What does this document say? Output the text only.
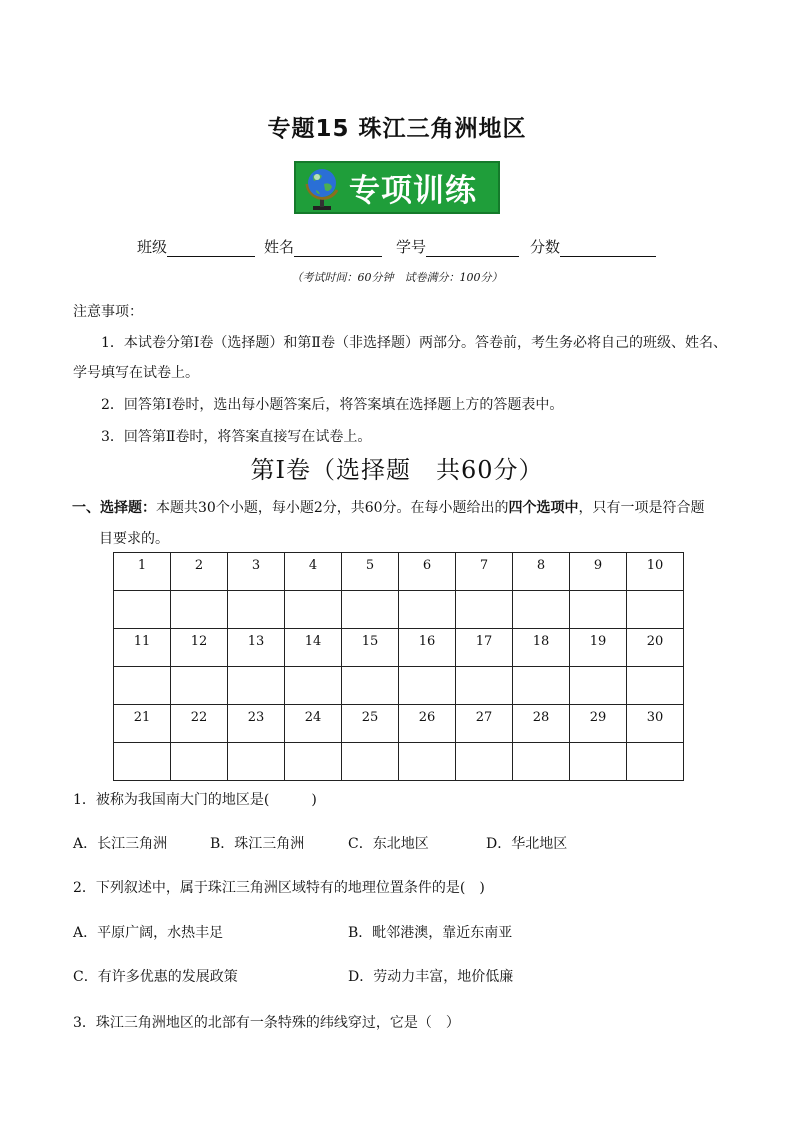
专题15 珠江三角洲地区
专项训练
班级	姓名	学号	分数
（考试时间：60分钟　试卷满分：100分）
注意事项：
1．本试卷分第Ⅰ卷（选择题）和第Ⅱ卷（非选择题）两部分。答卷前，考生务必将自己的班级、姓名、
学号填写在试卷上。
2．回答第Ⅰ卷时，选出每小题答案后，将答案填在选择题上方的答题表中。
3．回答第Ⅱ卷时，将答案直接写在试卷上。
第Ⅰ卷（选择题　共60分）
一、选择题：本题共30个小题，每小题2分，共60分。在每小题给出的四个选项中，只有一项是符合题
目要求的。
1	2	3	4	5	6	7	8	9	10

11	12	13	14	15	16	17	18	19	20

21	22	23	24	25	26	27	28	29	30

1．被称为我国南大门的地区是(　　　)
A．长江三角洲	B．珠江三角洲	C．东北地区	D．华北地区
2．下列叙述中，属于珠江三角洲区域特有的地理位置条件的是(　)
A．平原广阔，水热丰足	B．毗邻港澳，靠近东南亚
C．有许多优惠的发展政策	D．劳动力丰富，地价低廉
3．珠江三角洲地区的北部有一条特殊的纬线穿过，它是（　）
